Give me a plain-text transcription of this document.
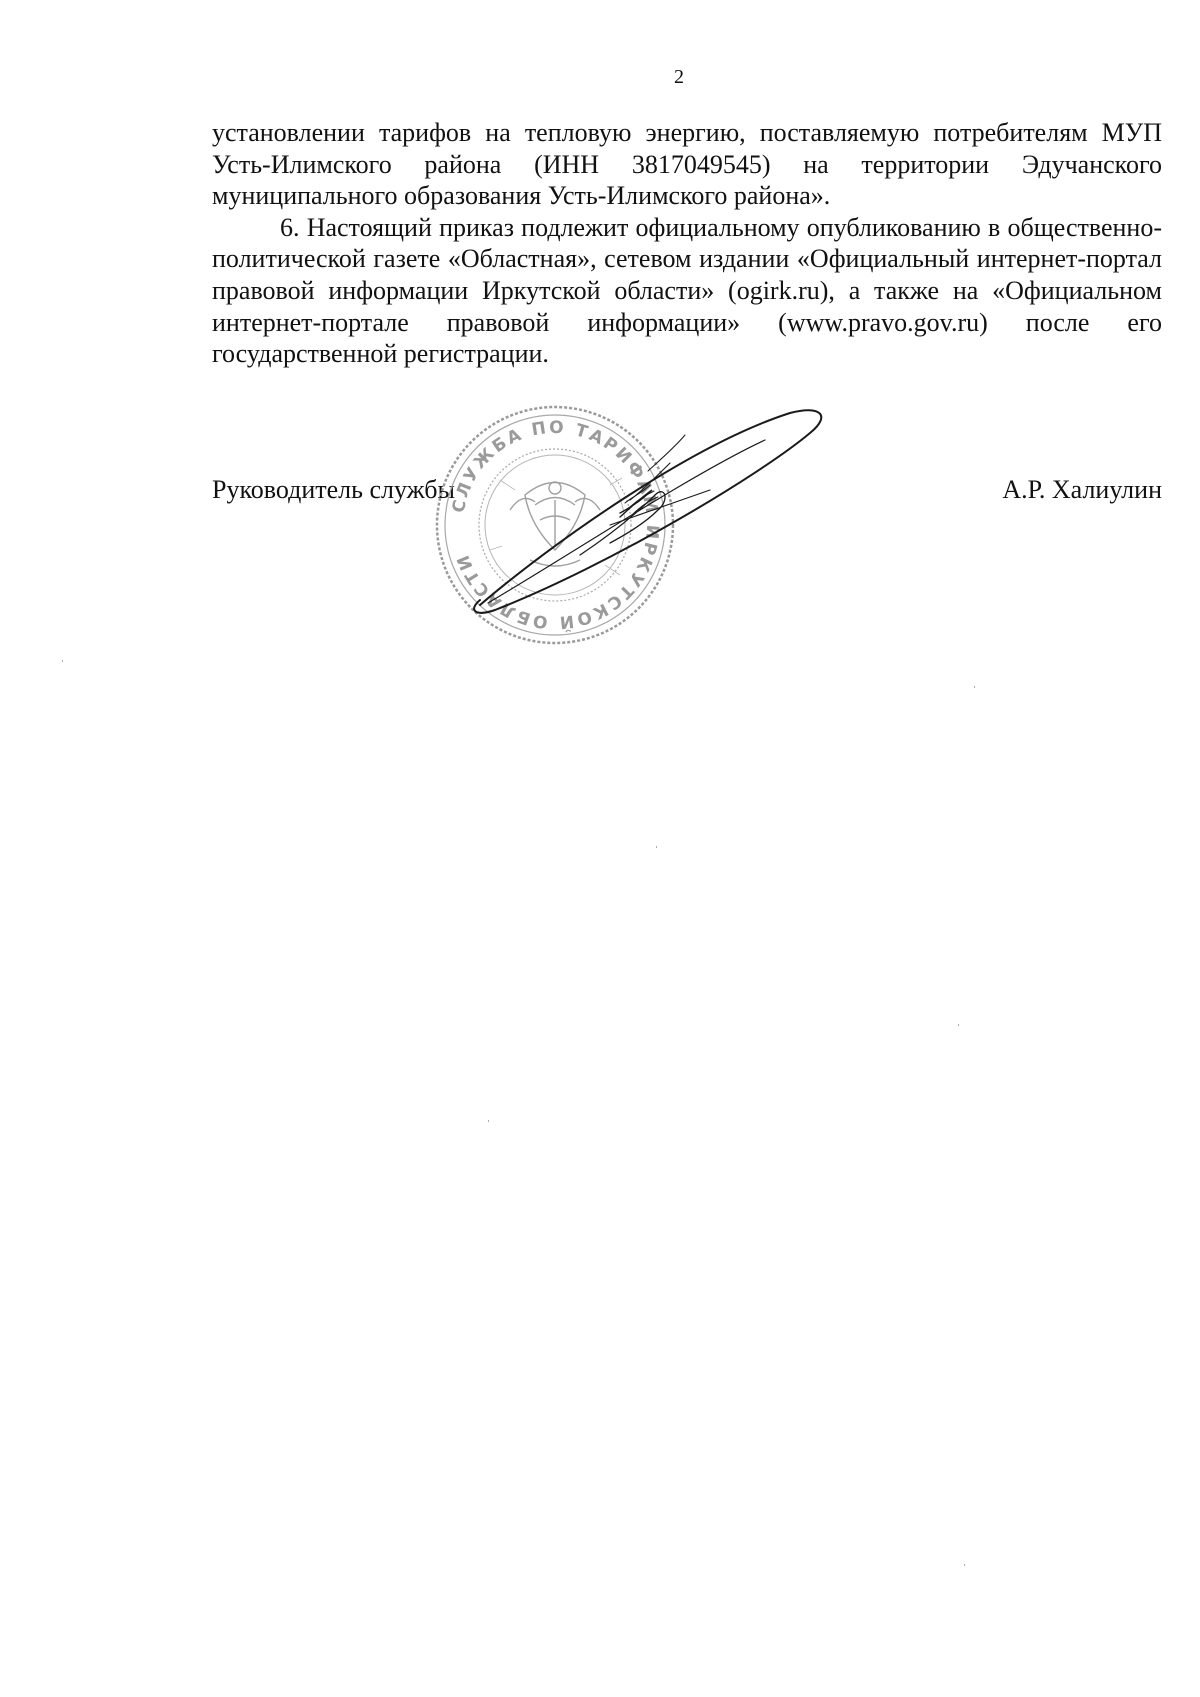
2

установлении тарифов на тепловую энергию, поставляемую потребителям МУП Усть-Илимского района (ИНН 3817049545) на территории Эдучанского муниципального образования Усть-Илимского района».

6. Настоящий приказ подлежит официальному опубликованию в общественно-политической газете «Областная», сетевом издании «Официальный интернет-портал правовой информации Иркутской области» (ogirk.ru), а также на «Официальном интернет-портале правовой информации» (www.pravo.gov.ru) после его государственной регистрации.

Руководитель службы	А.Р. Халиулин
СЛУЖБА ПО ТАРИФАМ ИРКУТСКОЙ ОБЛАСТИ
